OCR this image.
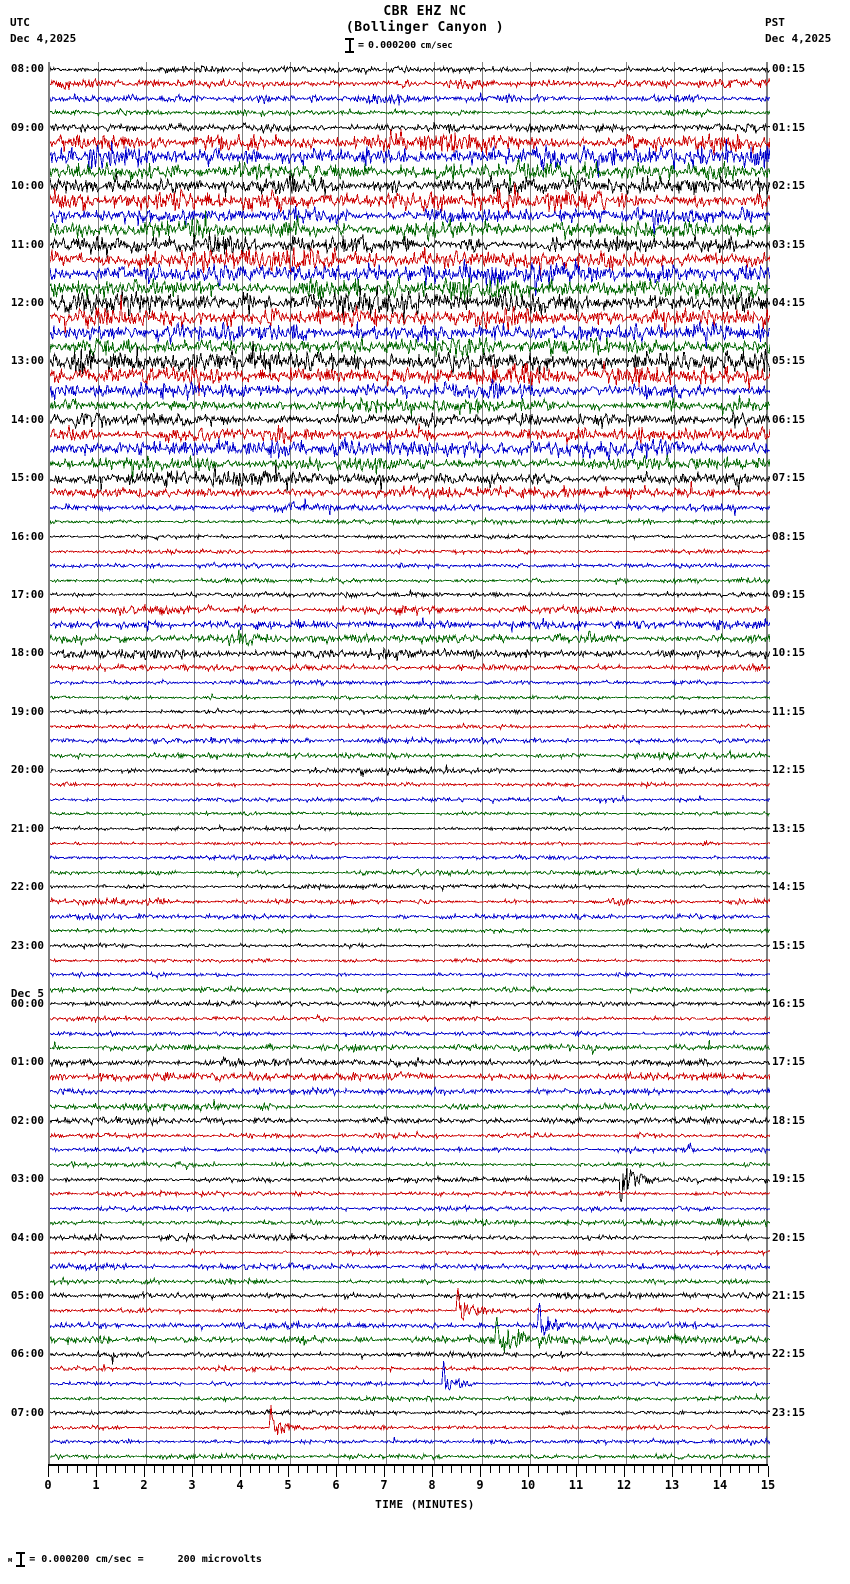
CBR EHZ NC
(Bollinger Canyon )
UTC
Dec 4,2025
PST
Dec 4,2025
= 0.000200 cm/sec
08:00
09:00
10:00
11:00
12:00
13:00
14:00
15:00
16:00
17:00
18:00
19:00
20:00
21:00
22:00
23:00
Dec 5
00:00
01:00
02:00
03:00
04:00
05:00
06:00
07:00
00:15
01:15
02:15
03:15
04:15
05:15
06:15
07:15
08:15
09:15
10:15
11:15
12:15
13:15
14:15
15:15
16:15
17:15
18:15
19:15
20:15
21:15
22:15
23:15
0	1	2	3	4	5	6	7	8	9	10	11	12	13	14	15
TIME (MINUTES)
м = 0.000200 cm/sec =	200 microvolts
